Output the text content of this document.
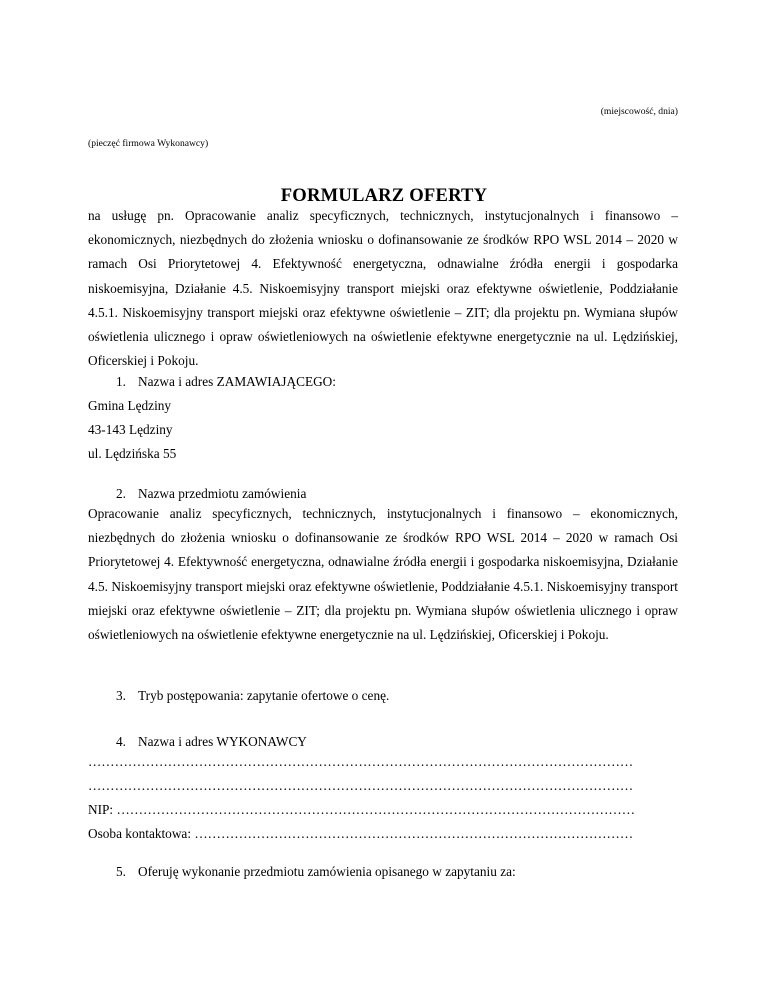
(miejscowość, dnia)
(pieczęć firmowa Wykonawcy)
FORMULARZ OFERTY
na usługę pn. Opracowanie analiz specyficznych, technicznych, instytucjonalnych i finansowo – ekonomicznych, niezbędnych do złożenia wniosku o dofinansowanie ze środków RPO WSL 2014 – 2020 w ramach Osi Priorytetowej 4. Efektywność energetyczna, odnawialne źródła energii i gospodarka niskoemisyjna, Działanie 4.5. Niskoemisyjny transport miejski oraz efektywne oświetlenie, Poddziałanie 4.5.1. Niskoemisyjny transport miejski oraz efektywne oświetlenie – ZIT; dla projektu pn. Wymiana słupów oświetlenia ulicznego i opraw oświetleniowych na oświetlenie efektywne energetycznie na ul. Lędzińskiej, Oficerskiej i Pokoju.
1. Nazwa i adres ZAMAWIAJĄCEGO:
Gmina Lędziny
43-143 Lędziny
ul. Lędzińska 55
2. Nazwa przedmiotu zamówienia
Opracowanie analiz specyficznych, technicznych, instytucjonalnych i finansowo – ekonomicznych, niezbędnych do złożenia wniosku o dofinansowanie ze środków RPO WSL 2014 – 2020 w ramach Osi Priorytetowej 4. Efektywność energetyczna, odnawialne źródła energii i gospodarka niskoemisyjna, Działanie 4.5. Niskoemisyjny transport miejski oraz efektywne oświetlenie, Poddziałanie 4.5.1. Niskoemisyjny transport miejski oraz efektywne oświetlenie – ZIT; dla projektu pn. Wymiana słupów oświetlenia ulicznego i opraw oświetleniowych na oświetlenie efektywne energetycznie na ul. Lędzińskiej, Oficerskiej i Pokoju.
3. Tryb postępowania: zapytanie ofertowe o cenę.
4. Nazwa i adres WYKONAWCY
……………………………………………………………………………………………………………
……………………………………………………………………………………………………………
NIP: ………………………………………………………………………………………………………
Osoba kontaktowa: ………………………………………………………………………………………
5. Oferuję wykonanie przedmiotu zamówienia opisanego w zapytaniu za:
